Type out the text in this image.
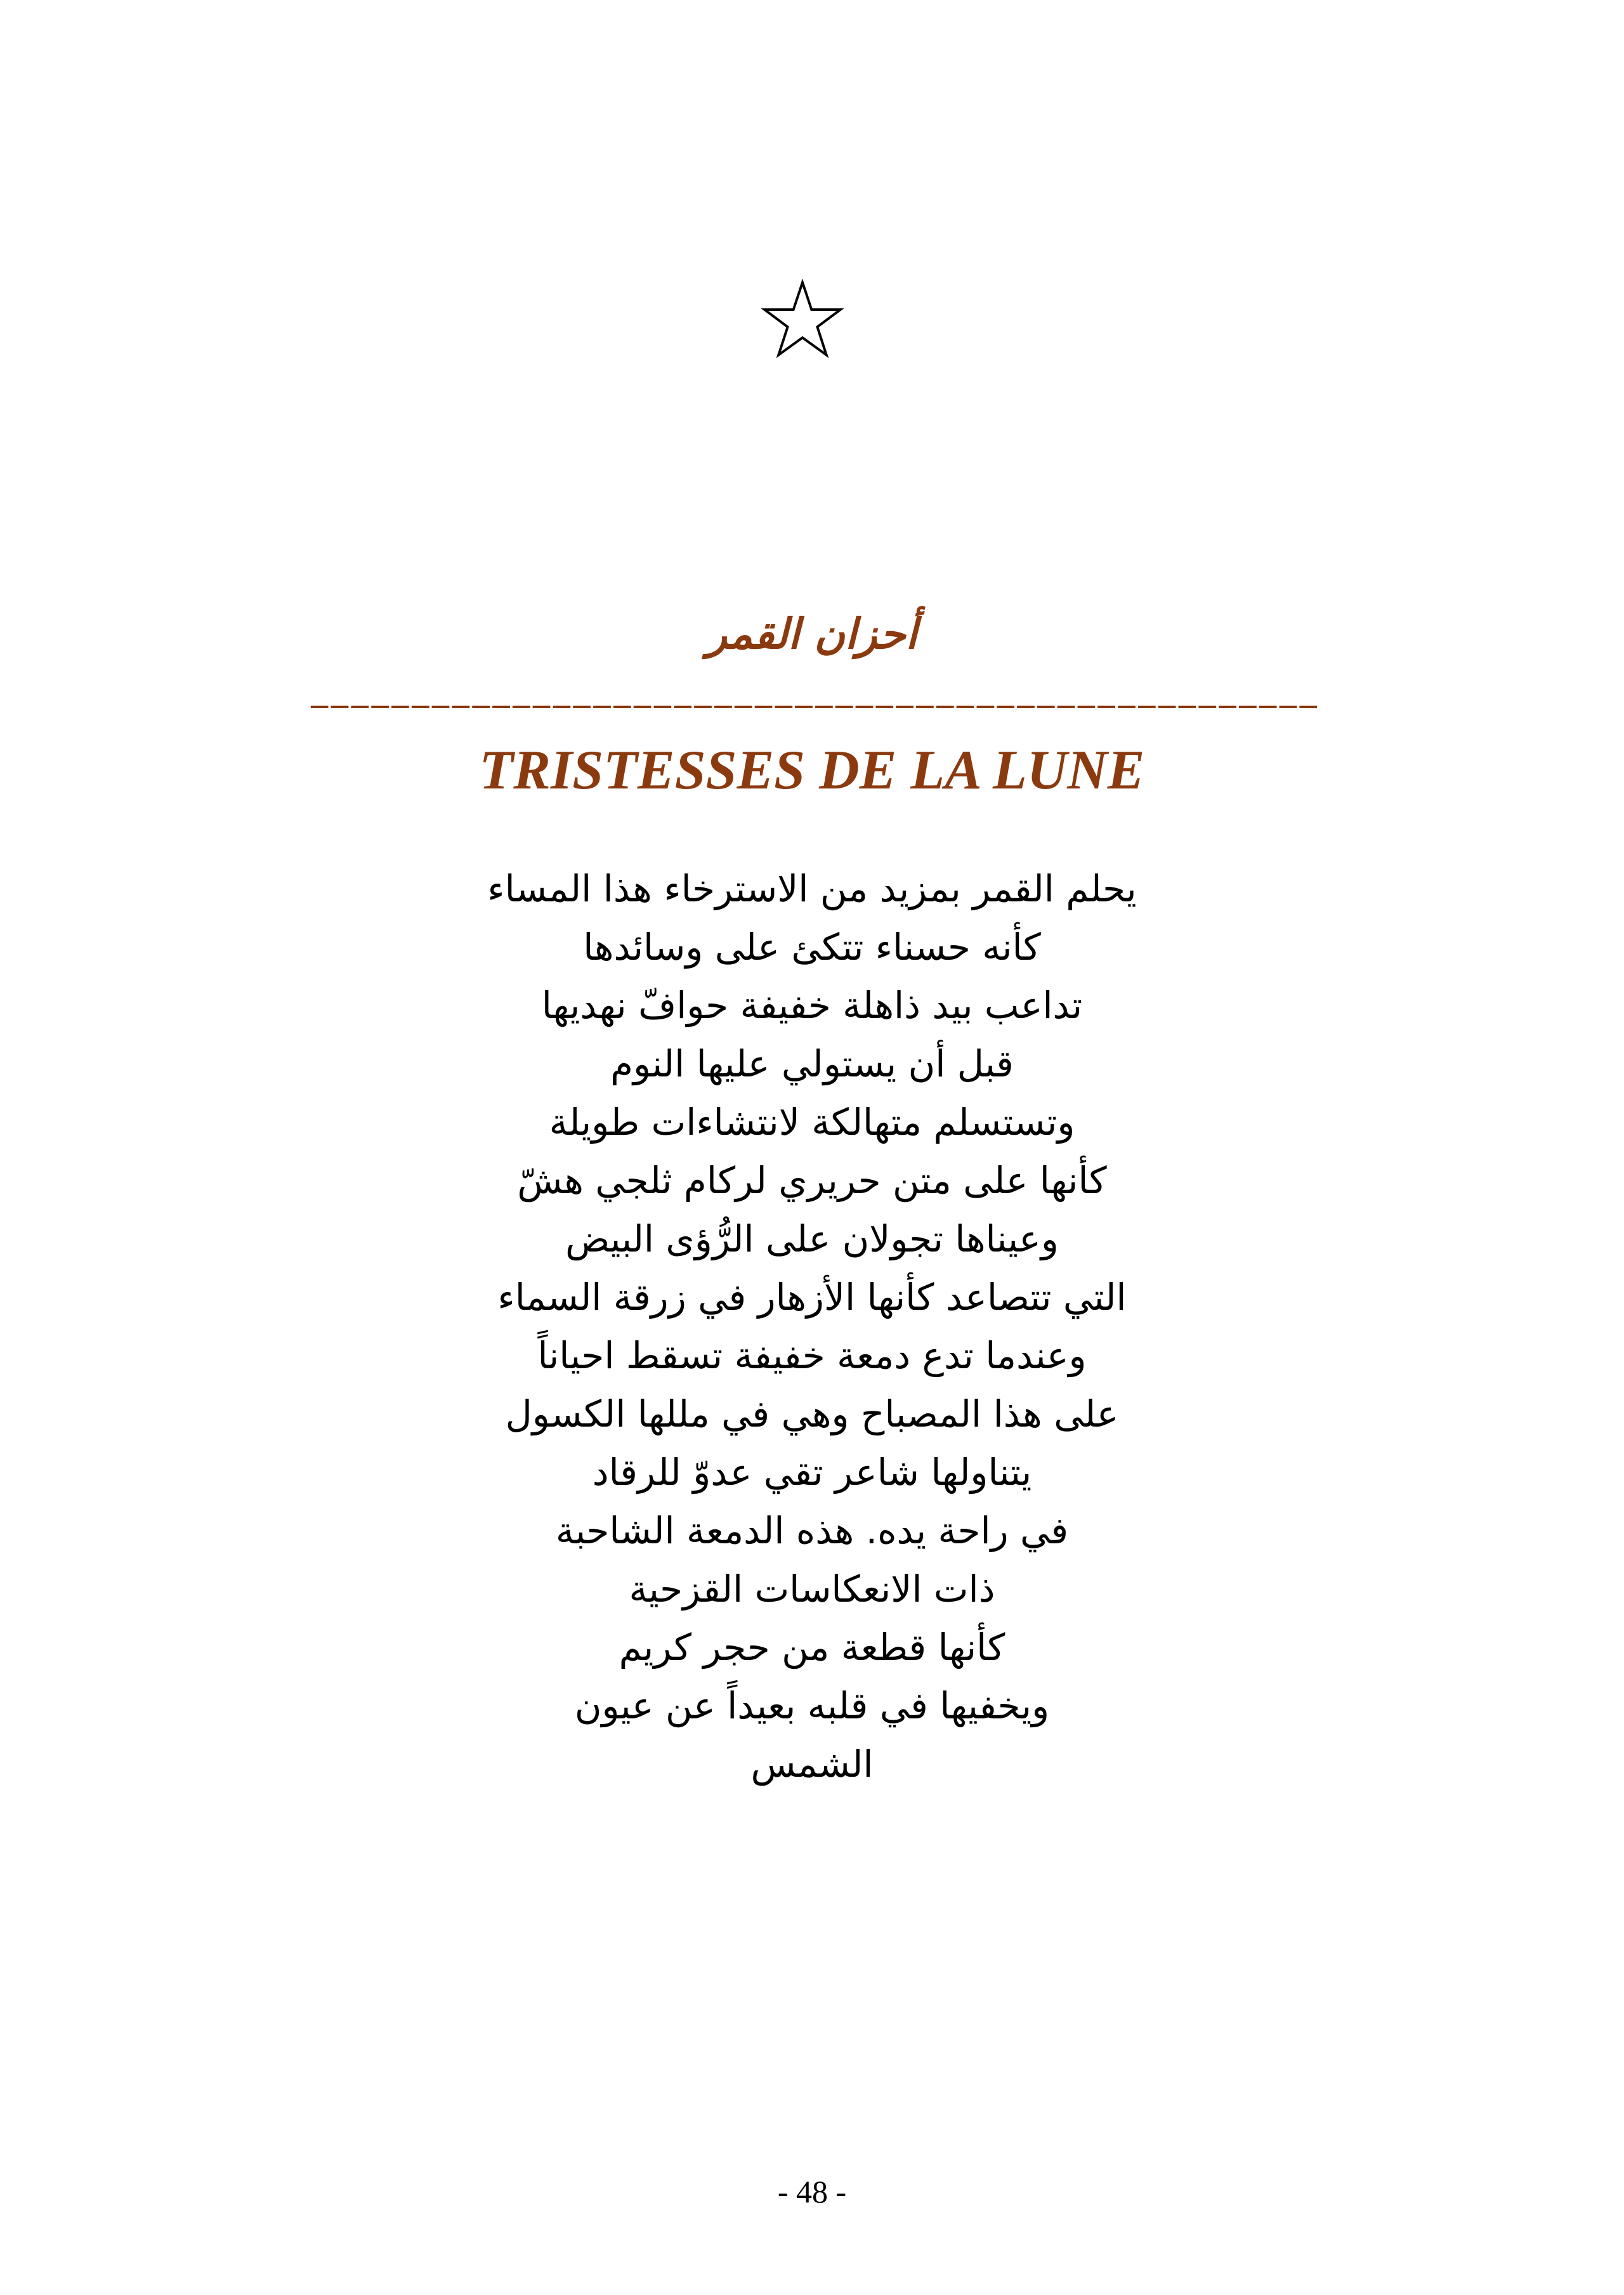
أحزان القمر
––––––––––––––––––––––––––––––––––––––––––––––––––
TRISTESSES DE LA LUNE
يحلم القمر بمزيد من الاسترخاء هذا المساء
كأنه حسناء تتكئ على وسائدها
تداعب بيد ذاهلة خفيفة حوافّ نهديها
قبل أن يستولي عليها النوم
وتستسلم متهالكة لانتشاءات طويلة
كأنها على متن حريري لركام ثلجي هشّ
وعيناها تجولان على الرُّؤى البيض
التي تتصاعد كأنها الأزهار في زرقة السماء
وعندما تدع دمعة خفيفة تسقط احياناً
على هذا المصباح وهي في مللها الكسول
يتناولها شاعر تقي عدوّ للرقاد
في راحة يده. هذه الدمعة الشاحبة
ذات الانعكاسات القزحية
كأنها قطعة من حجر كريم
ويخفيها في قلبه بعيداً عن عيون
الشمس
- 48 -
